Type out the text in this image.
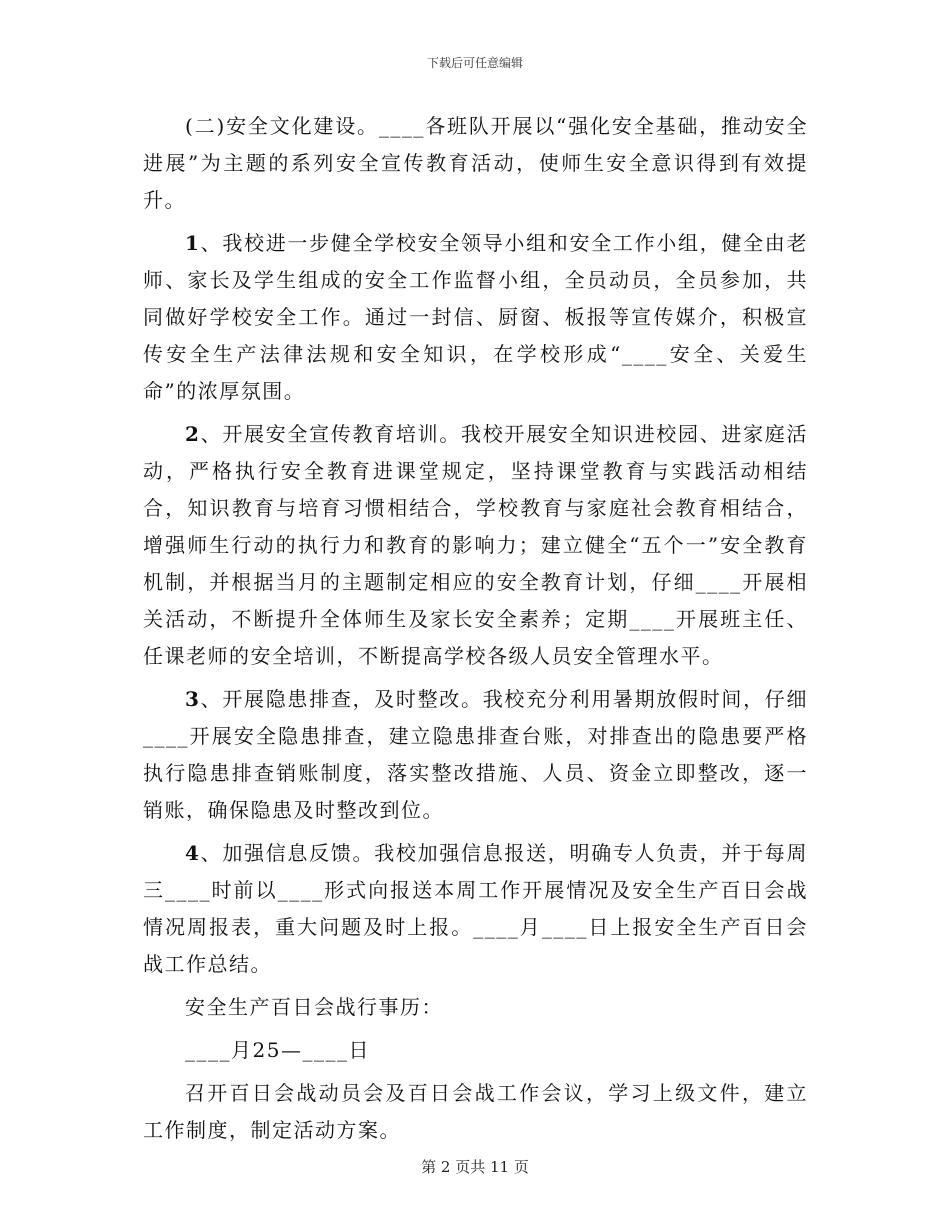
下载后可任意编辑

(二)安全文化建设。____各班队开展以“强化安全基础，推动安全进展”为主题的系列安全宣传教育活动，使师生安全意识得到有效提升。

1、我校进一步健全学校安全领导小组和安全工作小组，健全由老师、家长及学生组成的安全工作监督小组，全员动员，全员参加，共同做好学校安全工作。通过一封信、厨窗、板报等宣传媒介，积极宣传安全生产法律法规和安全知识，在学校形成“____安全、关爱生命”的浓厚氛围。

2、开展安全宣传教育培训。我校开展安全知识进校园、进家庭活动，严格执行安全教育进课堂规定，坚持课堂教育与实践活动相结合，知识教育与培育习惯相结合，学校教育与家庭社会教育相结合，增强师生行动的执行力和教育的影响力；建立健全“五个一”安全教育机制，并根据当月的主题制定相应的安全教育计划，仔细____开展相关活动，不断提升全体师生及家长安全素养；定期____开展班主任、任课老师的安全培训，不断提高学校各级人员安全管理水平。

3、开展隐患排查，及时整改。我校充分利用暑期放假时间，仔细____开展安全隐患排查，建立隐患排查台账，对排查出的隐患要严格执行隐患排查销账制度，落实整改措施、人员、资金立即整改，逐一销账，确保隐患及时整改到位。

4、加强信息反馈。我校加强信息报送，明确专人负责，并于每周三____时前以____形式向报送本周工作开展情况及安全生产百日会战情况周报表，重大问题及时上报。____月____日上报安全生产百日会战工作总结。

安全生产百日会战行事历：

____月25—____日

召开百日会战动员会及百日会战工作会议，学习上级文件，建立工作制度，制定活动方案。

第 2 页共 11 页
